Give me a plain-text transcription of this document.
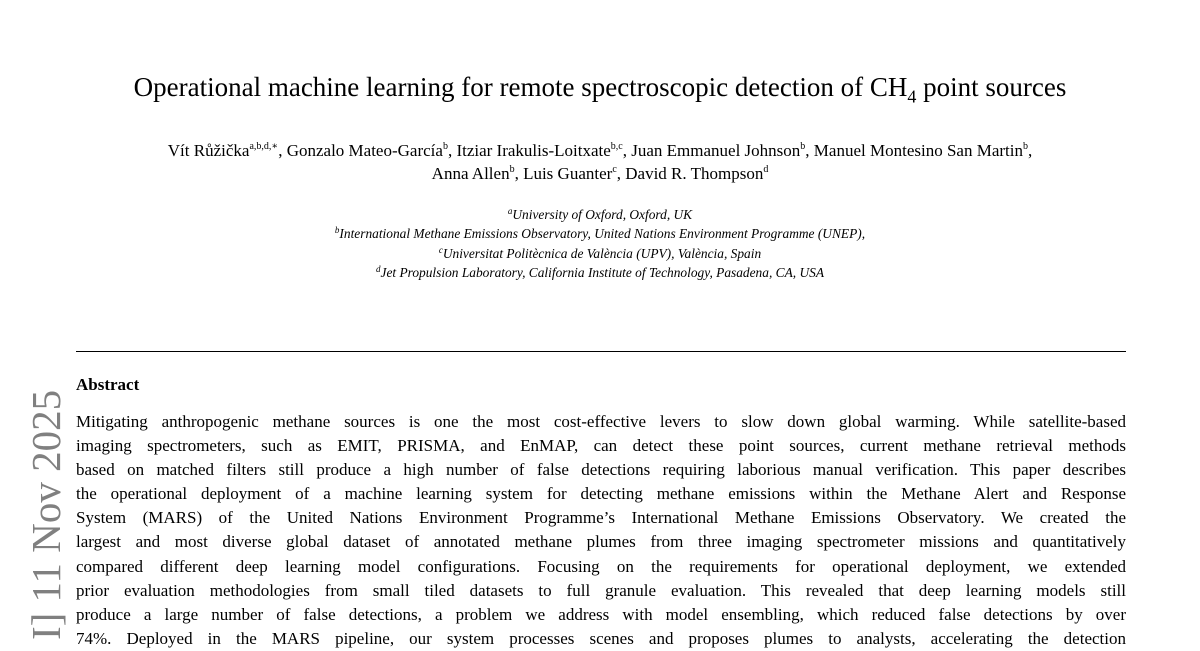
Operational machine learning for remote spectroscopic detection of $CH_4$ point sources
Vít Růžička$^{a,b,d,∗}$, Gonzalo Mateo-García$^b$, Itziar Irakulis-Loitxate$^{b,c}$, Juan Emmanuel Johnson$^b$, Manuel Montesino San Martin$^b$,
Anna Allen$^b$, Luis Guanter$^c$, David R. Thompson$^d$
$^a$University of Oxford, Oxford, UK
$^b$International Methane Emissions Observatory, United Nations Environment Programme (UNEP),
$^c$Universitat Politècnica de València (UPV), València, Spain
$^d$Jet Propulsion Laboratory, California Institute of Technology, Pasadena, CA, USA
Abstract
Mitigating anthropogenic methane sources is one the most cost-effective levers to slow down global warming. While satellite-based
imaging spectrometers, such as EMIT, PRISMA, and EnMAP, can detect these point sources, current methane retrieval methods
based on matched filters still produce a high number of false detections requiring laborious manual verification. This paper describes
the operational deployment of a machine learning system for detecting methane emissions within the Methane Alert and Response
System (MARS) of the United Nations Environment Programme’s International Methane Emissions Observatory. We created the
largest and most diverse global dataset of annotated methane plumes from three imaging spectrometer missions and quantitatively
compared different deep learning model configurations. Focusing on the requirements for operational deployment, we extended
prior evaluation methodologies from small tiled datasets to full granule evaluation. This revealed that deep learning models still
produce a large number of false detections, a problem we address with model ensembling, which reduced false detections by over
74%. Deployed in the MARS pipeline, our system processes scenes and proposes plumes to analysts, accelerating the detection
I] 11 Nov 2025
